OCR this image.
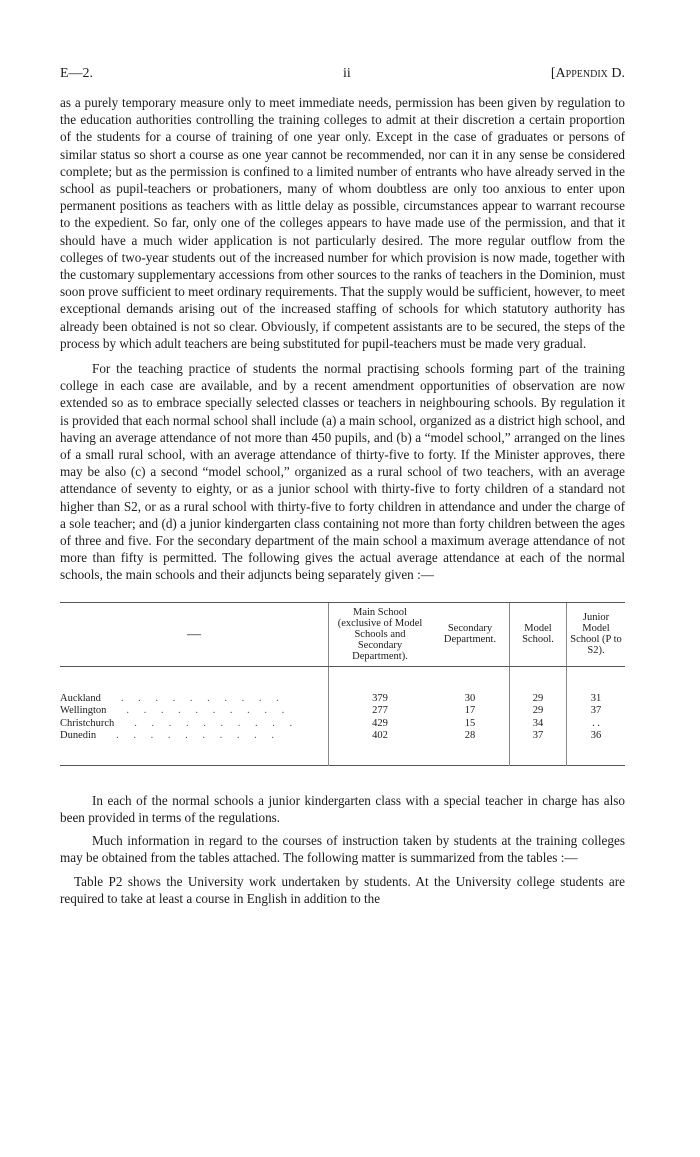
E—2.	ii	[Appendix D.

as a purely temporary measure only to meet immediate needs, permission has been given by regulation to the education authorities controlling the training colleges to admit at their discretion a certain proportion of the students for a course of training of one year only. Except in the case of graduates or persons of similar status so short a course as one year cannot be recommended, nor can it in any sense be considered complete; but as the permission is confined to a limited number of entrants who have already served in the school as pupil-teachers or probationers, many of whom doubtless are only too anxious to enter upon permanent positions as teachers with as little delay as possible, circumstances appear to warrant recourse to the expedient. So far, only one of the colleges appears to have made use of the permission, and that it should have a much wider application is not particularly desired. The more regular outflow from the colleges of two-year students out of the increased number for which provision is now made, together with the customary supplementary accessions from other sources to the ranks of teachers in the Dominion, must soon prove sufficient to meet ordinary requirements. That the supply would be sufficient, however, to meet exceptional demands arising out of the increased staffing of schools for which statutory authority has already been obtained is not so clear. Obviously, if competent assistants are to be secured, the steps of the process by which adult teachers are being substituted for pupil-teachers must be made very gradual.

For the teaching practice of students the normal practising schools forming part of the training college in each case are available, and by a recent amendment opportunities of observation are now extended so as to embrace specially selected classes or teachers in neighbouring schools. By regulation it is provided that each normal school shall include (a) a main school, organized as a district high school, and having an average attendance of not more than 450 pupils, and (b) a “model school,” arranged on the lines of a small rural school, with an average attendance of thirty-five to forty. If the Minister approves, there may be also (c) a second “model school,” organized as a rural school of two teachers, with an average attendance of seventy to eighty, or as a junior school with thirty-five to forty children of a standard not higher than S2, or as a rural school with thirty-five to forty children in attendance and under the charge of a sole teacher; and (d) a junior kindergarten class containing not more than forty children between the ages of three and five. For the secondary department of the main school a maximum average attendance of not more than fifty is permitted. The following gives the actual average attendance at each of the normal schools, the main schools and their adjuncts being separately given :—

—	Main School (exclusive of Model Schools and Secondary Department).	Secondary Department.	Model School.	Junior Model School (P to S2).

Auckland . . . . . . . . . .	379	30	29	31
Wellington . . . . . . . . . .	277	17	29	37
Christchurch . . . . . . . . . .	429	15	34	. .
Dunedin . . . . . . . . . .	402	28	37	36

In each of the normal schools a junior kindergarten class with a special teacher in charge has also been provided in terms of the regulations.

Much information in regard to the courses of instruction taken by students at the training colleges may be obtained from the tables attached. The following matter is summarized from the tables :—

Table P2 shows the University work undertaken by students. At the University college students are required to take at least a course in English in addition to the
